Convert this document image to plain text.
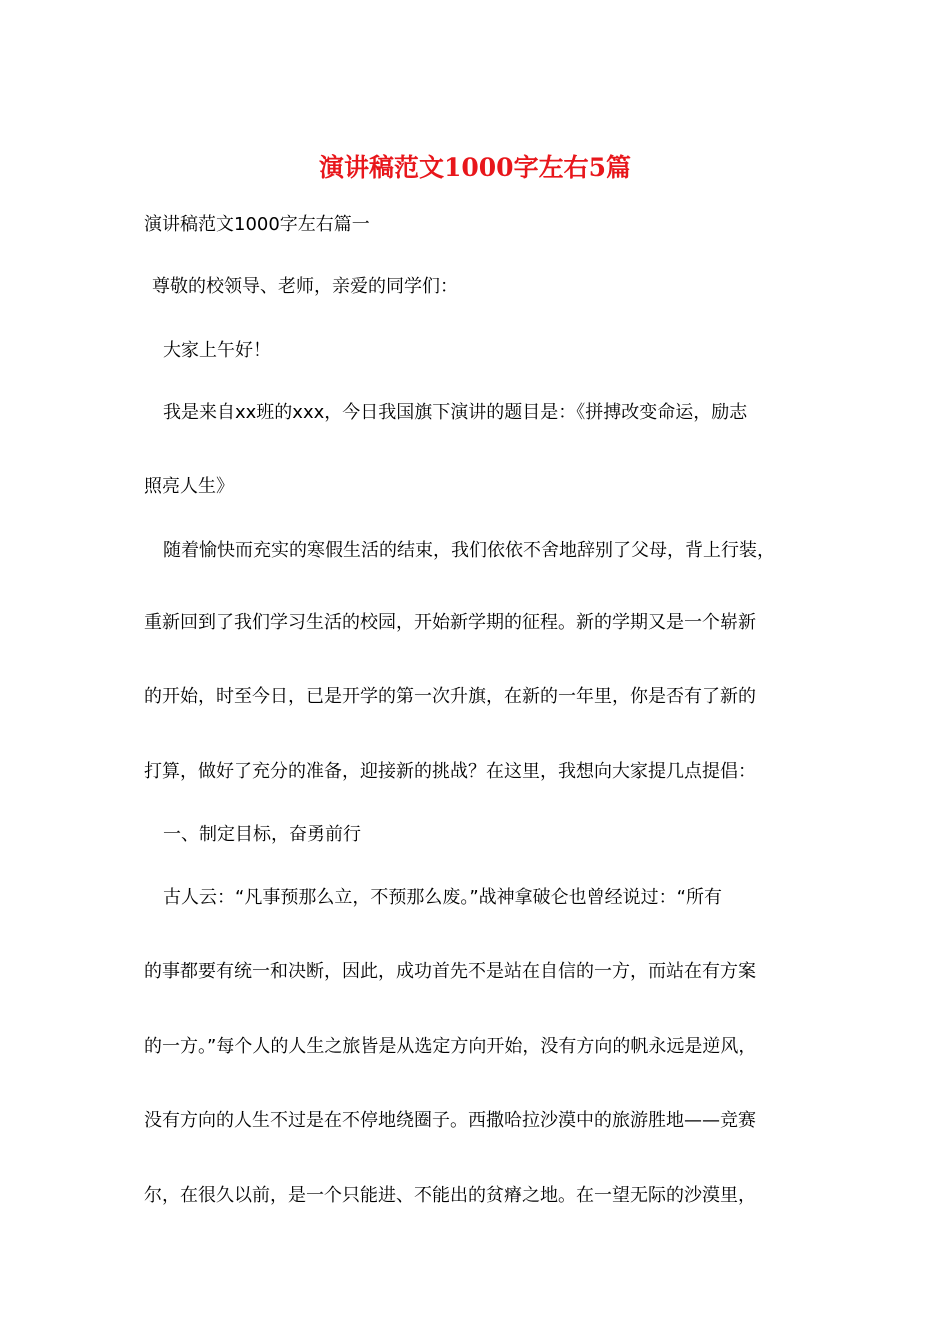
演讲稿范文1000字左右5篇
演讲稿范文1000字左右篇一
尊敬的校领导、老师，亲爱的同学们：
大家上午好！
我是来自xx班的xxx，今日我国旗下演讲的题目是：《拼搏改变命运，励志
照亮人生》
随着愉快而充实的寒假生活的结束，我们依依不舍地辞别了父母，背上行装，
重新回到了我们学习生活的校园，开始新学期的征程。新的学期又是一个崭新
的开始，时至今日，已是开学的第一次升旗，在新的一年里，你是否有了新的
打算，做好了充分的准备，迎接新的挑战？在这里，我想向大家提几点提倡：
一、制定目标，奋勇前行
古人云：“凡事预那么立，不预那么废。”战神拿破仑也曾经说过：“所有
的事都要有统一和决断，因此，成功首先不是站在自信的一方，而站在有方案
的一方。”每个人的人生之旅皆是从选定方向开始，没有方向的帆永远是逆风，
没有方向的人生不过是在不停地绕圈子。西撒哈拉沙漠中的旅游胜地——竞赛
尔，在很久以前，是一个只能进、不能出的贫瘠之地。在一望无际的沙漠里，
